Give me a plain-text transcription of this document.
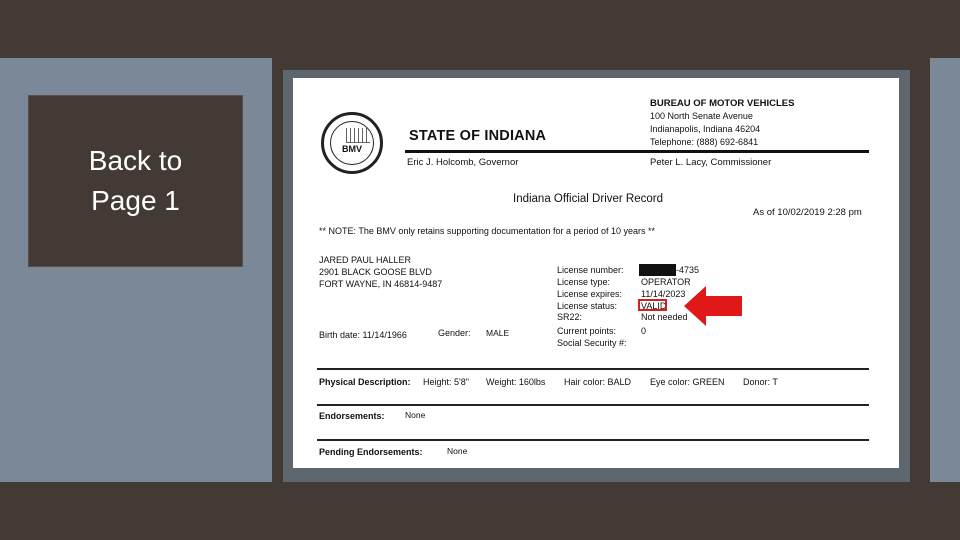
Back to
Page 1
BMV
STATE OF INDIANA
Eric J. Holcomb, Governor
BUREAU OF MOTOR VEHICLES
100 North Senate Avenue
Indianapolis, Indiana 46204
Telephone: (888) 692-6841
Peter L. Lacy, Commissioner
Indiana Official Driver Record
As of 10/02/2019 2:28 pm
** NOTE: The BMV only retains supporting documentation for a period of 10 years **
JARED PAUL HALLER
2901 BLACK GOOSE BLVD
FORT WAYNE, IN 46814-9487
License number:	-4735
License type:	OPERATOR
License expires: 11/14/2023
License status:	VALID
SR22:	Not needed
Birth date: 11/14/1966	Gender: MALE	Current points:	0
Social Security #:
Physical Description: Height: 5'8" Weight: 160lbs Hair color: BALD Eye color: GREEN Donor: T
Endorsements: None
Pending Endorsements:	None
